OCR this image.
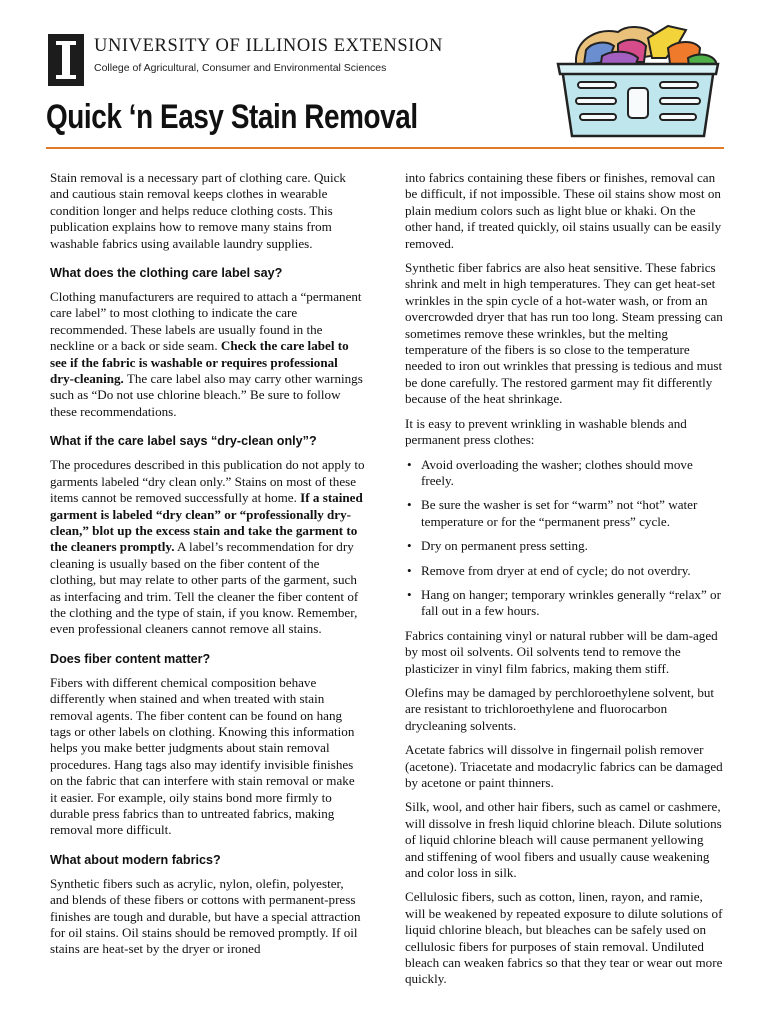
UNIVERSITY OF ILLINOIS EXTENSION
College of Agricultural, Consumer and Environmental Sciences
Quick ‘n Easy Stain Removal

Stain removal is a necessary part of clothing care. Quick and cautious stain removal keeps clothes in wearable condition longer and helps reduce clothing costs. This publication explains how to remove many stains from washable fabrics using available laundry supplies.

What does the clothing care label say?

Clothing manufacturers are required to attach a “permanent care label” to most clothing to indicate the care recommended. These labels are usually found in the neckline or a back or side seam. Check the care label to see if the fabric is washable or requires professional dry-cleaning. The care label also may carry other warnings such as “Do not use chlorine bleach.” Be sure to follow these recommendations.

What if the care label says “dry-clean only”?

The procedures described in this publication do not apply to garments labeled “dry clean only.” Stains on most of these items cannot be removed successfully at home. If a stained garment is labeled “dry clean” or “professionally dry-clean,” blot up the excess stain and take the garment to the cleaners promptly. A label’s recommendation for dry cleaning is usually based on the fiber content of the clothing, but may relate to other parts of the garment, such as interfacing and trim. Tell the cleaner the fiber content of the clothing and the type of stain, if you know. Remember, even professional cleaners cannot remove all stains.

Does fiber content matter?

Fibers with different chemical composition behave differently when stained and when treated with stain removal agents. The fiber content can be found on hang tags or other labels on clothing. Knowing this information helps you make better judgments about stain removal procedures. Hang tags also may identify invisible finishes on the fabric that can interfere with stain removal or make it easier. For example, oily stains bond more firmly to durable press fabrics than to untreated fabrics, making removal more difficult.

What about modern fabrics?

Synthetic fibers such as acrylic, nylon, olefin, polyester, and blends of these fibers or cottons with permanent-press finishes are tough and durable, but have a special attraction for oil stains. Oil stains should be removed promptly. If oil stains are heat-set by the dryer or ironed

into fabrics containing these fibers or finishes, removal can be difficult, if not impossible. These oil stains show most on plain medium colors such as light blue or khaki. On the other hand, if treated quickly, oil stains usually can be easily removed.

Synthetic fiber fabrics are also heat sensitive. These fabrics shrink and melt in high temperatures. They can get heat-set wrinkles in the spin cycle of a hot-water wash, or from an overcrowded dryer that has run too long. Steam pressing can sometimes remove these wrinkles, but the melting temperature of the fibers is so close to the temperature needed to iron out wrinkles that pressing is tedious and must be done carefully. The restored garment may fit differently because of the heat shrinkage.

It is easy to prevent wrinkling in washable blends and permanent press clothes:

• Avoid overloading the washer; clothes should move freely.
• Be sure the washer is set for “warm” not “hot” water temperature or for the “permanent press” cycle.
• Dry on permanent press setting.
• Remove from dryer at end of cycle; do not overdry.
• Hang on hanger; temporary wrinkles generally “relax” or fall out in a few hours.

Fabrics containing vinyl or natural rubber will be dam-aged by most oil solvents. Oil solvents tend to remove the plasticizer in vinyl film fabrics, making them stiff.

Olefins may be damaged by perchloroethylene solvent, but are resistant to trichloroethylene and fluorocarbon drycleaning solvents.

Acetate fabrics will dissolve in fingernail polish remover (acetone). Triacetate and modacrylic fabrics can be damaged by acetone or paint thinners.

Silk, wool, and other hair fibers, such as camel or cashmere, will dissolve in fresh liquid chlorine bleach. Dilute solutions of liquid chlorine bleach will cause permanent yellowing and stiffening of wool fibers and usually cause weakening and color loss in silk.

Cellulosic fibers, such as cotton, linen, rayon, and ramie, will be weakened by repeated exposure to dilute solutions of liquid chlorine bleach, but bleaches can be safely used on cellulosic fibers for purposes of stain removal. Undiluted bleach can weaken fabrics so that they tear or wear out more quickly.
